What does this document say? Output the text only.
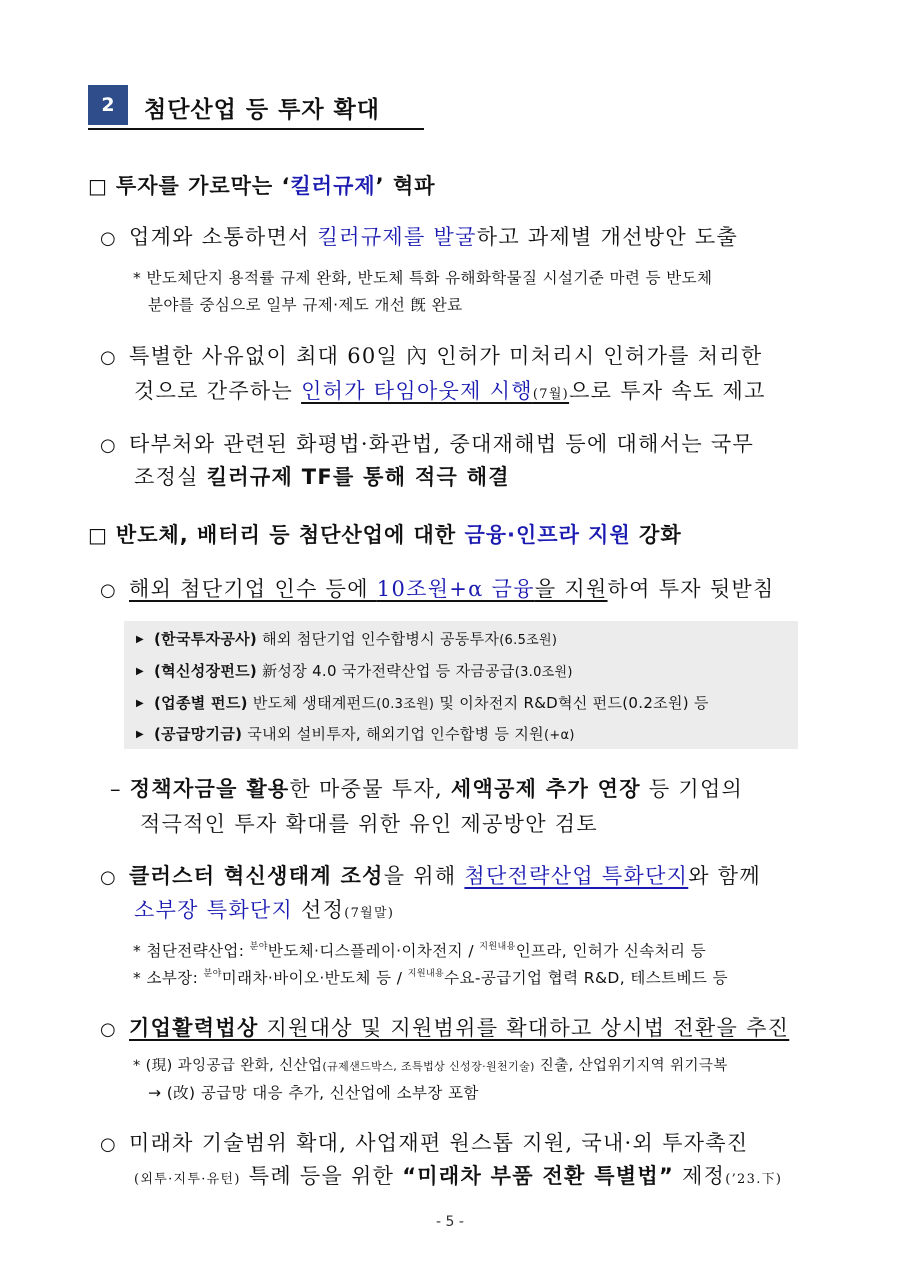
2	첨단산업 등 투자 확대
□ 투자를 가로막는 ‘킬러규제’ 혁파
○ 업계와 소통하면서 킬러규제를 발굴하고 과제별 개선방안 도출
* 반도체단지 용적률 규제 완화, 반도체 특화 유해화학물질 시설기준 마련 등 반도체
분야를 중심으로 일부 규제·제도 개선 旣 완료
○ 특별한 사유없이 최대 60일 內 인허가 미처리시 인허가를 처리한
것으로 간주하는 인허가 타임아웃제 시행(7월)으로 투자 속도 제고
○ 타부처와 관련된 화평법·화관법, 중대재해법 등에 대해서는 국무
조정실 킬러규제 TF를 통해 적극 해결
□ 반도체, 배터리 등 첨단산업에 대한 금융·인프라 지원 강화
○ 해외 첨단기업 인수 등에 10조원+α 금융을 지원하여 투자 뒷받침
▶ (한국투자공사) 해외 첨단기업 인수합병시 공동투자(6.5조원)
▶ (혁신성장펀드) 新성장 4.0 국가전략산업 등 자금공급(3.0조원)
▶ (업종별 펀드) 반도체 생태계펀드(0.3조원) 및 이차전지 R&D혁신 펀드(0.2조원) 등
▶ (공급망기금) 국내외 설비투자, 해외기업 인수합병 등 지원(+α)
– 정책자금을 활용한 마중물 투자, 세액공제 추가 연장 등 기업의
적극적인 투자 확대를 위한 유인 제공방안 검토
○ 클러스터 혁신생태계 조성을 위해 첨단전략산업 특화단지와 함께
소부장 특화단지 선정(7월말)
* 첨단전략산업: $^{분야}$반도체·디스플레이·이차전지 / $^{지원내용}$인프라, 인허가 신속처리 등
* 소부장: $^{분야}$미래차·바이오·반도체 등 / $^{지원내용}$수요-공급기업 협력 R&D, 테스트베드 등
○ 기업활력법상 지원대상 및 지원범위를 확대하고 상시법 전환을 추진
* (現) 과잉공급 완화, 신산업(규제샌드박스, 조특법상 신성장·원천기술) 진출, 산업위기지역 위기극복
→ (改) 공급망 대응 추가, 신산업에 소부장 포함
○ 미래차 기술범위 확대, 사업재편 원스톱 지원, 국내·외 투자촉진
(외투·지투·유턴) 특례 등을 위한 “미래차 부품 전환 특별법” 제정(’23.下)
- 5 -
